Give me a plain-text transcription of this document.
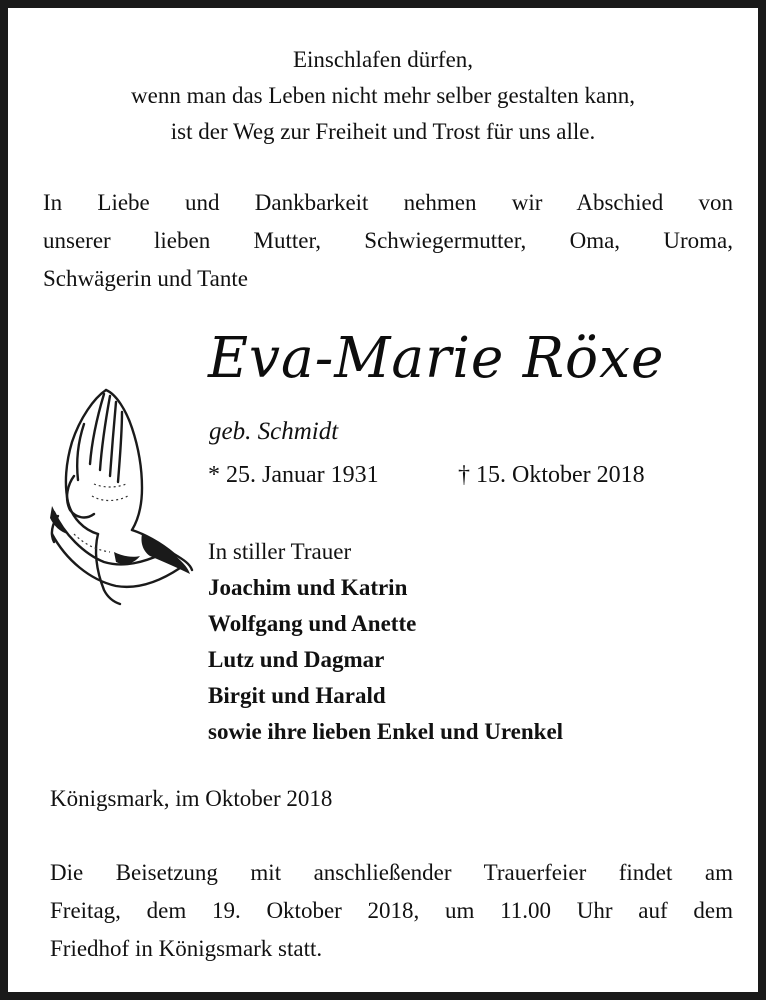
Einschlafen dürfen,
wenn man das Leben nicht mehr selber gestalten kann,
ist der Weg zur Freiheit und Trost für uns alle.
In Liebe und Dankbarkeit nehmen wir Abschied von
unserer lieben Mutter, Schwiegermutter, Oma, Uroma,
Schwägerin und Tante
Eva-Marie Röxe
geb. Schmidt
* 25. Januar 1931	† 15. Oktober 2018
In stiller Trauer
Joachim und Katrin
Wolfgang und Anette
Lutz und Dagmar
Birgit und Harald
sowie ihre lieben Enkel und Urenkel
Königsmark, im Oktober 2018
Die Beisetzung mit anschließender Trauerfeier findet am
Freitag, dem 19. Oktober 2018, um 11.00 Uhr auf dem
Friedhof in Königsmark statt.
